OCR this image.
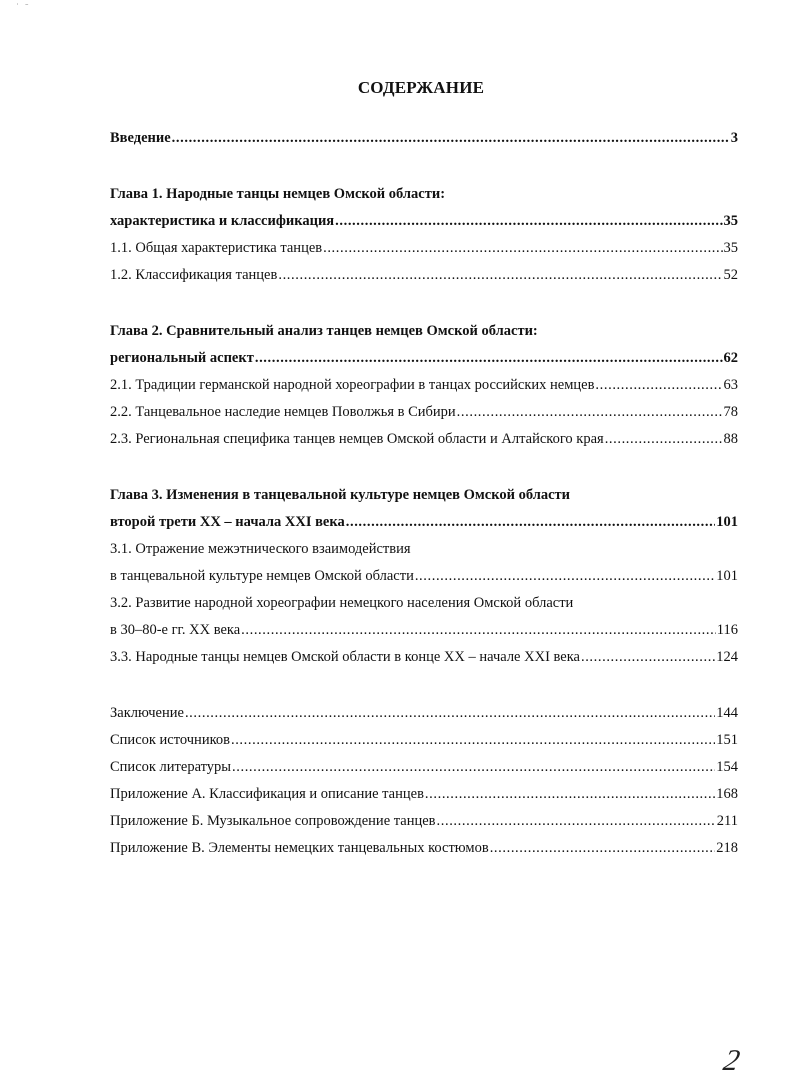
˙ ˉ
СОДЕРЖАНИЕ
Введение .....	3
Глава 1. Народные танцы немцев Омской области:
характеристика и классификация .....	35
1.1. Общая характеристика танцев .....	35
1.2. Классификация танцев .....	52
Глава 2. Сравнительный анализ танцев немцев Омской области:
региональный аспект .....	62
2.1. Традиции германской народной хореографии в танцах российских немцев .....	63
2.2. Танцевальное наследие немцев Поволжья в Сибири .....	78
2.3. Региональная специфика танцев немцев Омской области и Алтайского края .....	88
Глава 3. Изменения в танцевальной культуре немцев Омской области
второй трети XX – начала XXI века .....	101
3.1. Отражение межэтнического взаимодействия
в танцевальной культуре немцев Омской области .....	101
3.2. Развитие народной хореографии немецкого населения Омской области
в 30–80-е гг. XX века .....	116
3.3. Народные танцы немцев Омской области в конце XX – начале XXI века .....	124
Заключение .....	144
Список источников .....	151
Список литературы .....	154
Приложение А. Классификация и описание танцев .....	168
Приложение Б. Музыкальное сопровождение танцев .....	211
Приложение В. Элементы немецких танцевальных костюмов .....	218
2
